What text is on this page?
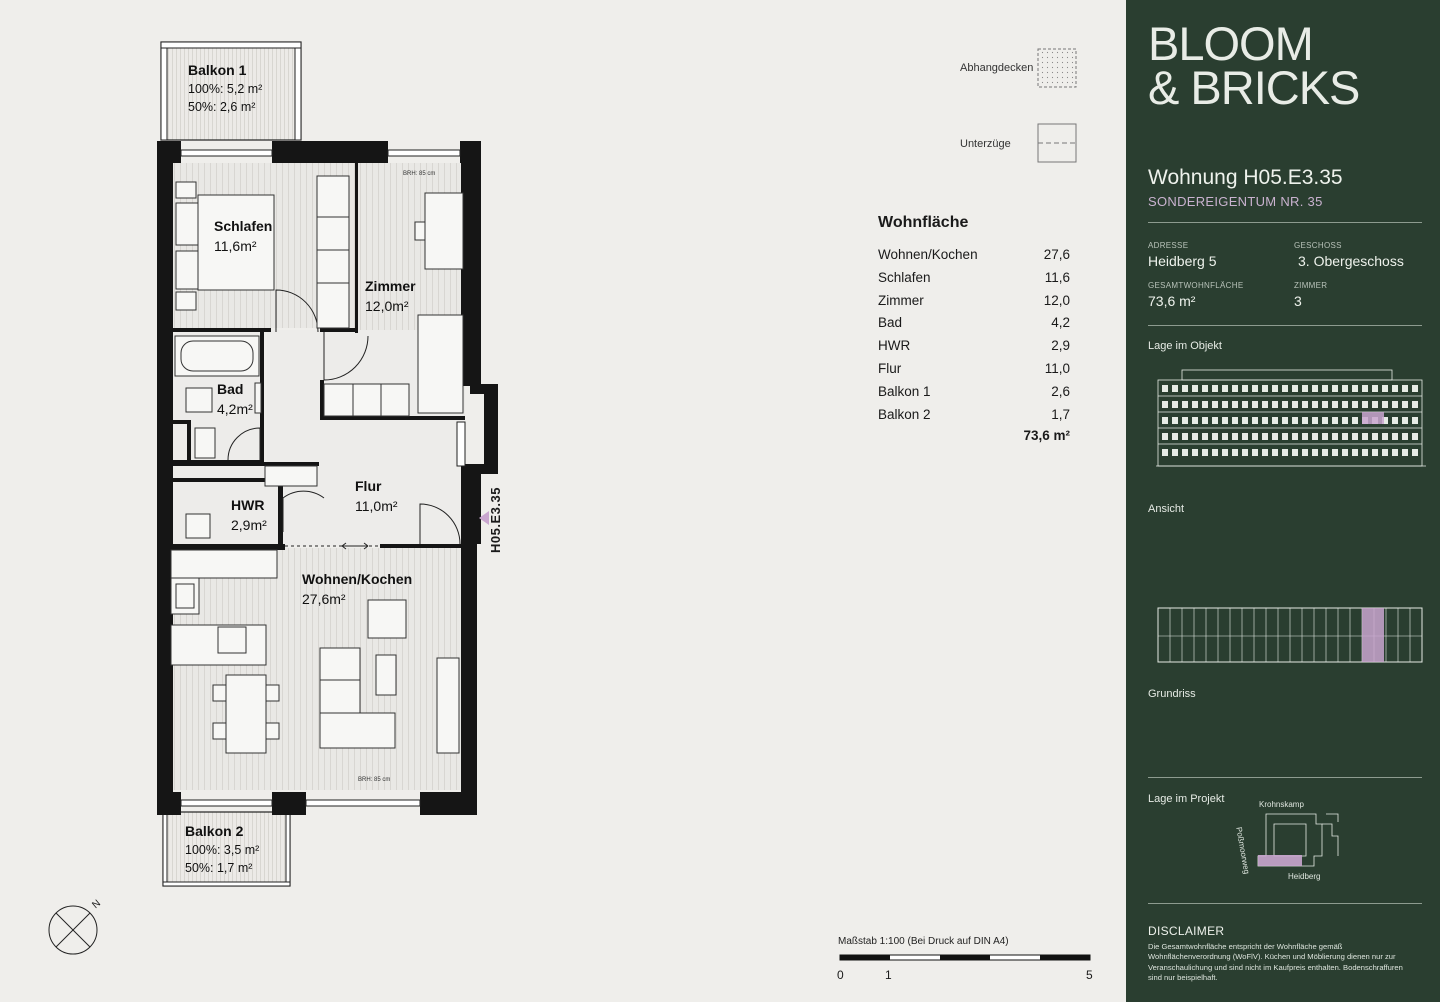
Balkon 1
100%: 5,2 m²
50%: 2,6 m²
Schlafen
11,6m²
Zimmer
12,0m²
Bad
4,2m²
HWR
2,9m²
Flur
11,0m²
Wohnen/Kochen
27,6m²
Balkon 2
100%: 3,5 m²
50%: 1,7 m²
BRH: 85 cm
BRH: 85 cm
H05.E3.35
N
Abhangdecken
Unterzüge
Wohnfläche
Wohnen/Kochen	27,6
Schlafen	11,6
Zimmer	12,0
Bad	4,2
HWR	2,9
Flur	11,0
Balkon 1	2,6
Balkon 2	1,7
73,6 m²
Maßstab 1:100 (Bei Druck auf DIN A4)
0	1	5
BLOOM
& BRICKS
Wohnung H05.E3.35
SONDEREIGENTUM NR. 35
ADRESSE
Heidberg 5
GESCHOSS
3. Obergeschoss
GESAMTWOHNFLÄCHE
73,6 m²
ZIMMER
3
Lage im Objekt
Ansicht
Grundriss
Lage im Projekt	Krohnskamp
Poßmoorweg
Heidberg
DISCLAIMER
Die Gesamtwohnfläche entspricht der Wohnfläche gemäß Wohnflächenverordnung (WoFlV). Küchen und Möblierung dienen nur zur Veranschaulichung und sind nicht im Kaufpreis enthalten. Bodenschraffuren sind nur beispielhaft.
